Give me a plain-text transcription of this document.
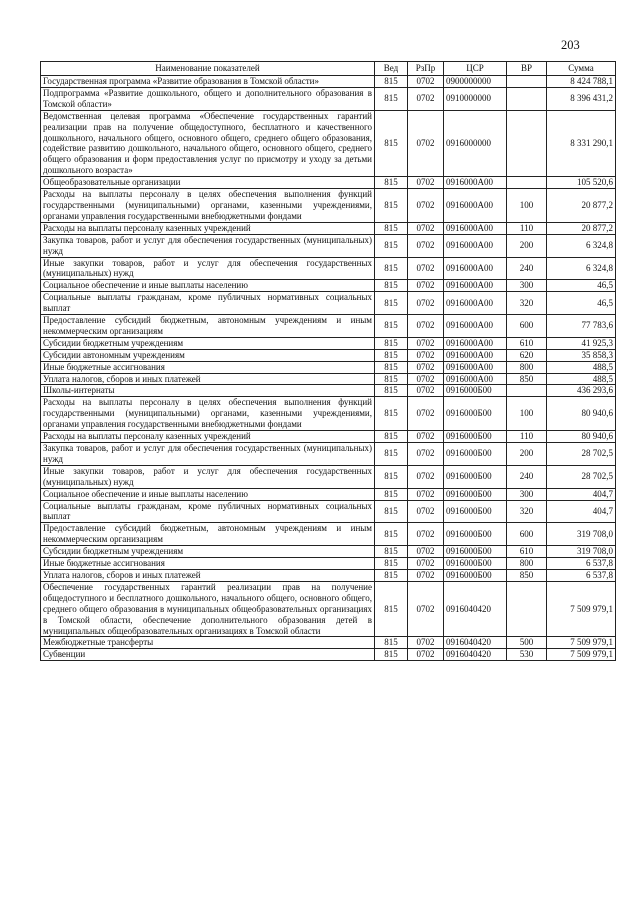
203
Наименование показателей	Вед	РзПр	ЦСР	ВР	Сумма
Государственная программа «Развитие образования в Томской области»	815	0702	0900000000		8 424 788,1
Подпрограмма «Развитие дошкольного, общего и дополнительного образования в Томской области»	815	0702	0910000000		8 396 431,2
Ведомственная целевая программа «Обеспечение государственных гарантий реализации прав на получение общедоступного, бесплатного и качественного дошкольного, начального общего, основного общего, среднего общего образования, содействие развитию дошкольного, начального общего, основного общего, среднего общего образования и форм предоставления услуг по присмотру и уходу за детьми дошкольного возраста»	815	0702	0916000000		8 331 290,1
Общеобразовательные организации	815	0702	0916000А00		105 520,6
Расходы на выплаты персоналу в целях обеспечения выполнения функций государственными (муниципальными) органами, казенными учреждениями, органами управления государственными внебюджетными фондами	815	0702	0916000А00	100	20 877,2
Расходы на выплаты персоналу казенных учреждений	815	0702	0916000А00	110	20 877,2
Закупка товаров, работ и услуг для обеспечения государственных (муниципальных) нужд	815	0702	0916000А00	200	6 324,8
Иные закупки товаров, работ и услуг для обеспечения государственных (муниципальных) нужд	815	0702	0916000А00	240	6 324,8
Социальное обеспечение и иные выплаты населению	815	0702	0916000А00	300	46,5
Социальные выплаты гражданам, кроме публичных нормативных социальных выплат	815	0702	0916000А00	320	46,5
Предоставление субсидий бюджетным, автономным учреждениям и иным некоммерческим организациям	815	0702	0916000А00	600	77 783,6
Субсидии бюджетным учреждениям	815	0702	0916000А00	610	41 925,3
Субсидии автономным учреждениям	815	0702	0916000А00	620	35 858,3
Иные бюджетные ассигнования	815	0702	0916000А00	800	488,5
Уплата налогов, сборов и иных платежей	815	0702	0916000А00	850	488,5
Школы-интернаты	815	0702	0916000Б00		436 293,6
Расходы на выплаты персоналу в целях обеспечения выполнения функций государственными (муниципальными) органами, казенными учреждениями, органами управления государственными внебюджетными фондами	815	0702	0916000Б00	100	80 940,6
Расходы на выплаты персоналу казенных учреждений	815	0702	0916000Б00	110	80 940,6
Закупка товаров, работ и услуг для обеспечения государственных (муниципальных) нужд	815	0702	0916000Б00	200	28 702,5
Иные закупки товаров, работ и услуг для обеспечения государственных (муниципальных) нужд	815	0702	0916000Б00	240	28 702,5
Социальное обеспечение и иные выплаты населению	815	0702	0916000Б00	300	404,7
Социальные выплаты гражданам, кроме публичных нормативных социальных выплат	815	0702	0916000Б00	320	404,7
Предоставление субсидий бюджетным, автономным учреждениям и иным некоммерческим организациям	815	0702	0916000Б00	600	319 708,0
Субсидии бюджетным учреждениям	815	0702	0916000Б00	610	319 708,0
Иные бюджетные ассигнования	815	0702	0916000Б00	800	6 537,8
Уплата налогов, сборов и иных платежей	815	0702	0916000Б00	850	6 537,8
Обеспечение государственных гарантий реализации прав на получение общедоступного и бесплатного дошкольного, начального общего, основного общего, среднего общего образования в муниципальных общеобразовательных организациях в Томской области, обеспечение дополнительного образования детей в муниципальных общеобразовательных организациях в Томской области	815	0702	0916040420		7 509 979,1
Межбюджетные трансферты	815	0702	0916040420	500	7 509 979,1
Субвенции	815	0702	0916040420	530	7 509 979,1
